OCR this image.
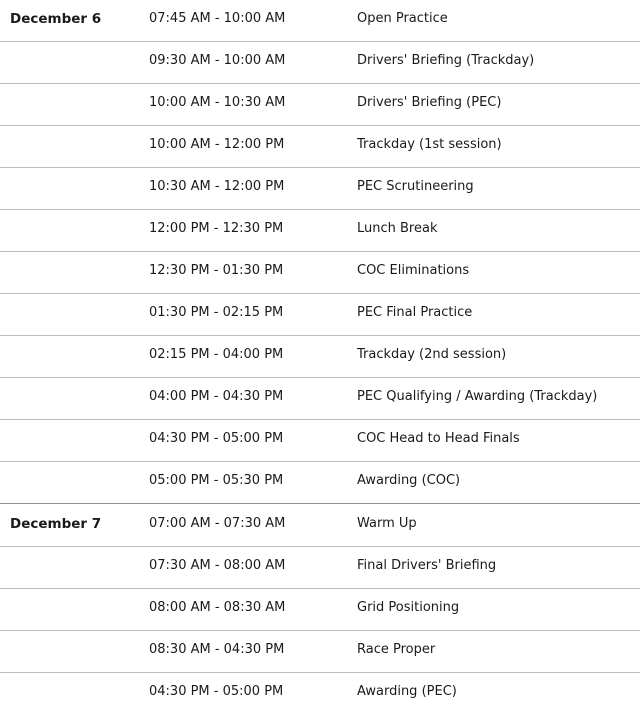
December 6	07:45 AM - 10:00 AM	Open Practice
09:30 AM - 10:00 AM	Drivers' Briefing (Trackday)
10:00 AM - 10:30 AM	Drivers' Briefing (PEC)
10:00 AM - 12:00 PM	Trackday (1st session)
10:30 AM - 12:00 PM	PEC Scrutineering
12:00 PM - 12:30 PM	Lunch Break
12:30 PM - 01:30 PM	COC Eliminations
01:30 PM - 02:15 PM	PEC Final Practice
02:15 PM - 04:00 PM	Trackday (2nd session)
04:00 PM - 04:30 PM	PEC Qualifying / Awarding (Trackday)
04:30 PM - 05:00 PM	COC Head to Head Finals
05:00 PM - 05:30 PM	Awarding (COC)
December 7	07:00 AM - 07:30 AM	Warm Up
07:30 AM - 08:00 AM	Final Drivers' Briefing
08:00 AM - 08:30 AM	Grid Positioning
08:30 AM - 04:30 PM	Race Proper
04:30 PM - 05:00 PM	Awarding (PEC)
